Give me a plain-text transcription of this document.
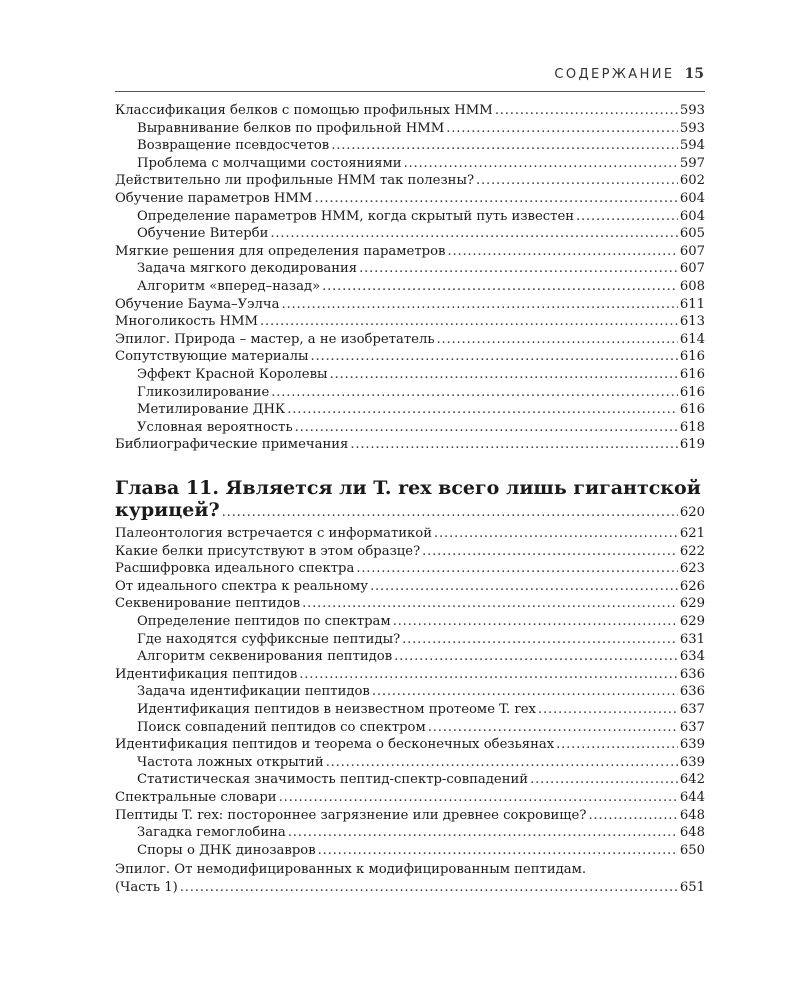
СОДЕРЖАНИЕ 15
Классификация белков с помощью профильных НММ .....	593
Выравнивание белков по профильной НММ .....	593
Возвращение псевдосчетов .....	594
Проблема с молчащими состояниями .....	597
Действительно ли профильные НММ так полезны? .....	602
Обучение параметров НММ .....	604
Определение параметров НММ, когда скрытый путь известен .....	604
Обучение Витерби .....	605
Мягкие решения для определения параметров .....	607
Задача мягкого декодирования .....	607
Алгоритм «вперед–назад» .....	608
Обучение Баума–Уэлча .....	611
Многоликость НММ .....	613
Эпилог. Природа – мастер, а не изобретатель .....	614
Сопутствующие материалы .....	616
Эффект Красной Королевы .....	616
Гликозилирование .....	616
Метилирование ДНК .....	616
Условная вероятность .....	618
Библиографические примечания .....	619
Глава 11. Является ли T. rex всего лишь гигантской
курицей? .....	620
Палеонтология встречается с информатикой .....	621
Какие белки присутствуют в этом образце? .....	622
Расшифровка идеального спектра .....	623
От идеального спектра к реальному .....	626
Секвенирование пептидов .....	629
Определение пептидов по спектрам .....	629
Где находятся суффиксные пептиды? .....	631
Алгоритм секвенирования пептидов .....	634
Идентификация пептидов .....	636
Задача идентификации пептидов .....	636
Идентификация пептидов в неизвестном протеоме T. rex .....	637
Поиск совпадений пептидов со спектром .....	637
Идентификация пептидов и теорема о бесконечных обезьянах .....	639
Частота ложных открытий .....	639
Статистическая значимость пептид-спектр-совпадений .....	642
Спектральные словари .....	644
Пептиды T. rex: постороннее загрязнение или древнее сокровище? .....	648
Загадка гемоглобина .....	648
Споры о ДНК динозавров .....	650
Эпилог. От немодифицированных к модифицированным пептидам.
(Часть 1) .....	651
